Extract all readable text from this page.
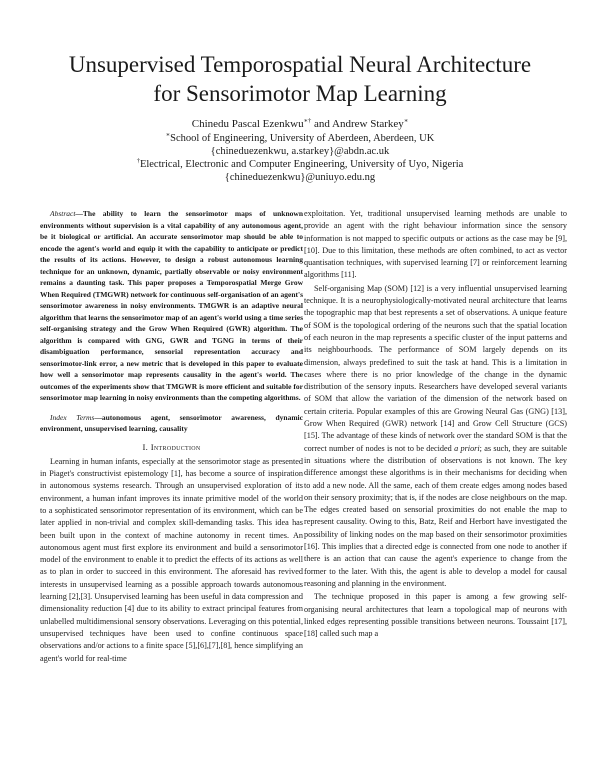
Unsupervised Temporospatial Neural Architecture
for Sensorimotor Map Learning
Chinedu Pascal Ezenkwu∗† and Andrew Starkey∗
∗School of Engineering, University of Aberdeen, Aberdeen, UK
{chineduezenkwu, a.starkey}@abdn.ac.uk
†Electrical, Electronic and Computer Engineering, University of Uyo, Nigeria
{chineduezenkwu}@uniuyo.edu.ng

Abstract—The ability to learn the sensorimotor maps of unknown environments without supervision is a vital capability of any autonomous agent, be it biological or artificial. An accurate sensorimotor map should be able to encode the agent's world and equip it with the capability to anticipate or predict the results of its actions. However, to design a robust autonomous learning technique for an unknown, dynamic, partially observable or noisy environment remains a daunting task. This paper proposes a Temporospatial Merge Grow When Required (TMGWR) network for continuous self-organisation of an agent's sensorimotor awareness in noisy environments. TMGWR is an adaptive neural algorithm that learns the sensorimotor map of an agent's world using a time series self-organising strategy and the Grow When Required (GWR) algorithm. The algorithm is compared with GNG, GWR and TGNG in terms of their disambiguation performance, sensorial representation accuracy and sensorimotor-link error, a new metric that is developed in this paper to evaluate how well a sensorimotor map represents causality in the agent's world. The outcomes of the experiments show that TMGWR is more efficient and suitable for sensorimotor map learning in noisy environments than the competing algorithms.

Index Terms—autonomous agent, sensorimotor awareness, dynamic environment, unsupervised learning, causality

I. Introduction

Learning in human infants, especially at the sensorimotor stage as presented in Piaget's constructivist epistemology [1], has become a source of inspiration in autonomous systems research. Through an unsupervised exploration of its environment, a human infant improves its innate primitive model of the world to a sophisticated sensorimotor representation of its environment, which can be later applied in non-trivial and complex skill-demanding tasks. This idea has been built upon in the context of machine autonomy in recent times. An autonomous agent must first explore its environment and build a sensorimotor model of the environment to enable it to predict the effects of its actions as well as to plan in order to succeed in this environment. The aforesaid has revived interests in unsupervised learning as a possible approach towards autonomous learning [2],[3]. Unsupervised learning has been useful in data compression and dimensionality reduction [4] due to its ability to extract principal features from unlabelled multidimensional sensory observations. Leveraging on this potential, unsupervised techniques have been used to confine continuous space observations and/or actions to a finite space [5],[6],[7],[8], hence simplifying an agent's world for real-time

exploitation. Yet, traditional unsupervised learning methods are unable to provide an agent with the right behaviour information since the sensory information is not mapped to specific outputs or actions as the case may be [9], [10]. Due to this limitation, these methods are often combined, to act as vector quantisation techniques, with supervised learning [7] or reinforcement learning algorithms [11].

Self-organising Map (SOM) [12] is a very influential unsupervised learning technique. It is a neurophysiologically-motivated neural architecture that learns the topographic map that best represents a set of observations. A unique feature of SOM is the topological ordering of the neurons such that the spatial location of each neuron in the map represents a specific cluster of the input patterns and its neighbourhoods. The performance of SOM largely depends on its dimension, always predefined to suit the task at hand. This is a limitation in cases where there is no prior knowledge of the change in the dynamic distribution of the sensory inputs. Researchers have developed several variants of SOM that allow the variation of the dimension of the network based on certain criteria. Popular examples of this are Growing Neural Gas (GNG) [13], Grow When Required (GWR) network [14] and Grow Cell Structure (GCS) [15]. The advantage of these kinds of network over the standard SOM is that the correct number of nodes is not to be decided a priori; as such, they are suitable in situations where the distribution of observations is not known. The key difference amongst these algorithms is in their mechanisms for deciding when to add a new node. All the same, each of them create edges among nodes based on their sensory proximity; that is, if the nodes are close neighbours on the map. The edges created based on sensorial proximities do not enable the map to represent causality. Owing to this, Batz, Reif and Herbort have investigated the possibility of linking nodes on the map based on their sensorimotor proximities [16]. This implies that a directed edge is connected from one node to another if there is an action that can cause the agent's experience to change from the former to the later. With this, the agent is able to develop a model for causal reasoning and planning in the environment.

The technique proposed in this paper is among a few growing self-organising neural architectures that learn a topological map of neurons with linked edges representing possible transitions between neurons. Toussaint [17], [18] called such map a
